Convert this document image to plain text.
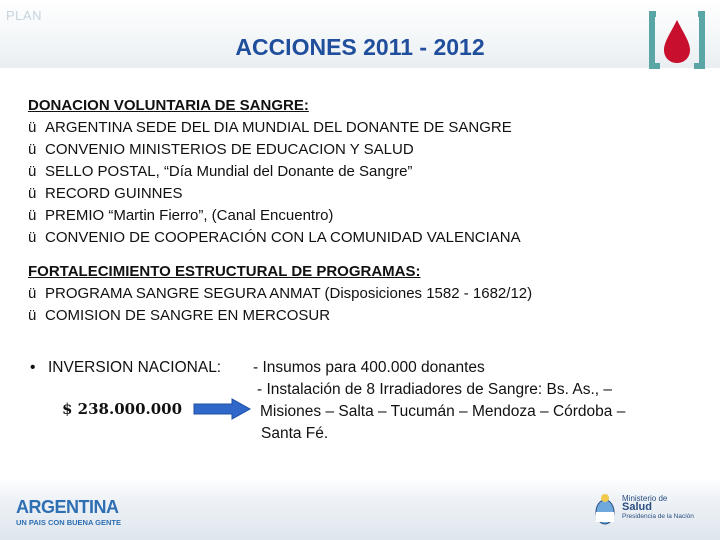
PLAN
ACCIONES 2011 - 2012
DONACION VOLUNTARIA DE SANGRE:
ü ARGENTINA SEDE DEL DIA MUNDIAL DEL DONANTE DE SANGRE
ü CONVENIO MINISTERIOS DE EDUCACION Y SALUD
ü SELLO POSTAL, “Día Mundial del Donante de Sangre”
ü RECORD GUINNES
ü PREMIO “Martin Fierro”, (Canal Encuentro)
ü CONVENIO DE COOPERACIÓN CON LA COMUNIDAD VALENCIANA
FORTALECIMIENTO ESTRUCTURAL DE PROGRAMAS:
ü PROGRAMA SANGRE SEGURA ANMAT (Disposiciones 1582 - 1682/12)
ü COMISION DE SANGRE EN MERCOSUR
• INVERSION NACIONAL: - Insumos para 400.000 donantes
- Instalación de 8 Irradiadores de Sangre: Bs. As., –
Misiones – Salta – Tucumán – Mendoza – Córdoba –
Santa Fé.
$ 238.000.000
ARGENTINA
UN PAIS CON BUENA GENTE
Ministerio de
Salud
Presidencia de la Nación
